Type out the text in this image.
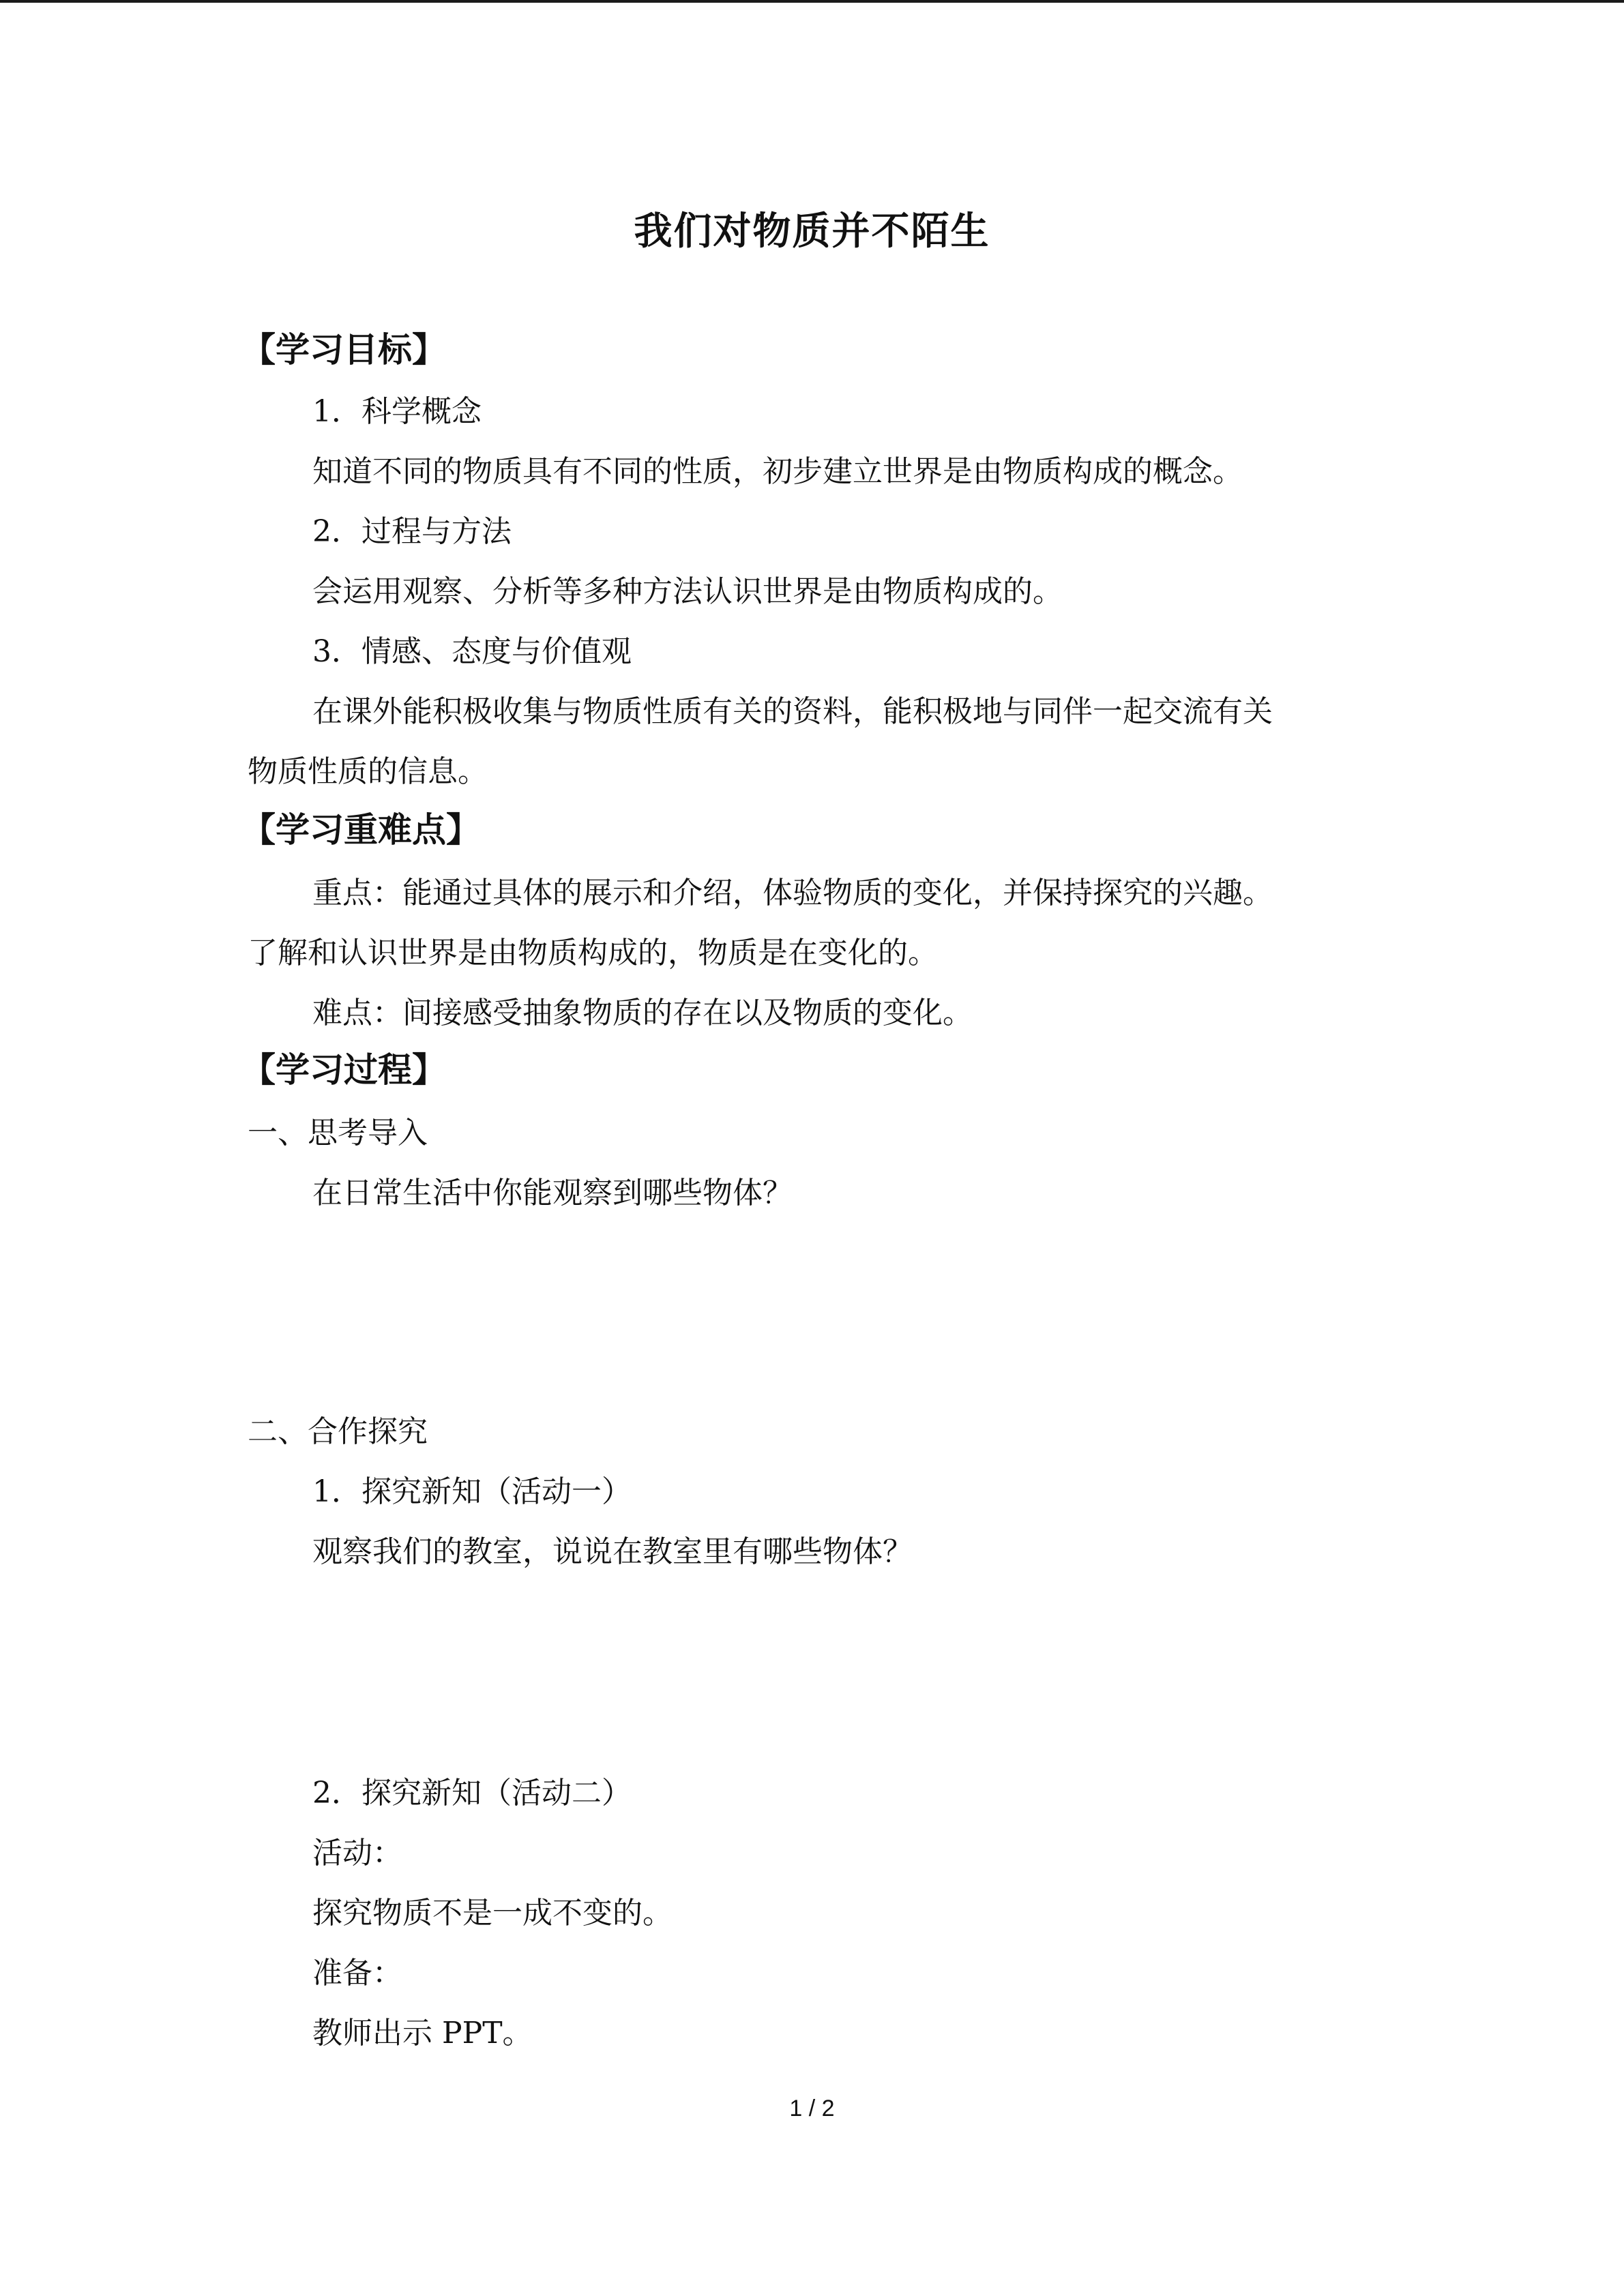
我们对物质并不陌生
【学习目标】
1．科学概念
知道不同的物质具有不同的性质，初步建立世界是由物质构成的概念。
2．过程与方法
会运用观察、分析等多种方法认识世界是由物质构成的。
3．情感、态度与价值观
在课外能积极收集与物质性质有关的资料，能积极地与同伴一起交流有关
物质性质的信息。
【学习重难点】
重点：能通过具体的展示和介绍，体验物质的变化，并保持探究的兴趣。
了解和认识世界是由物质构成的，物质是在变化的。
难点：间接感受抽象物质的存在以及物质的变化。
【学习过程】
一、思考导入
在日常生活中你能观察到哪些物体？
二、合作探究
1．探究新知（活动一）
观察我们的教室，说说在教室里有哪些物体？
2．探究新知（活动二）
活动：
探究物质不是一成不变的。
准备：
教师出示 PPT。
1 / 2
